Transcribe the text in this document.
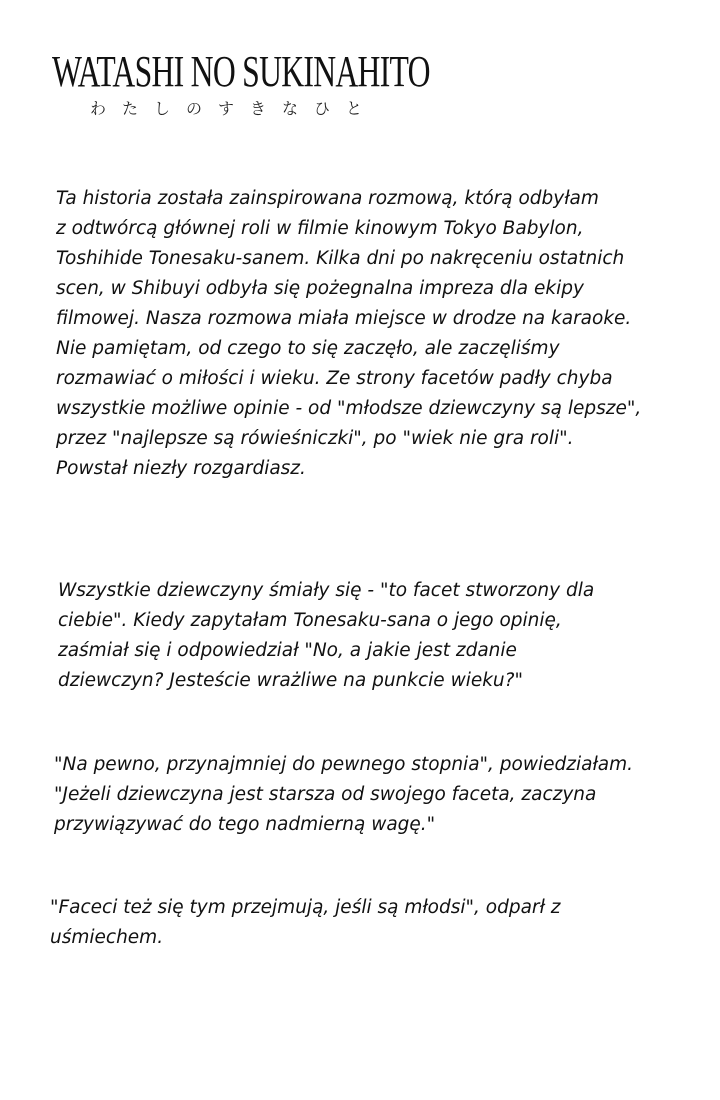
WATASHI NO SUKINAHITO
わたしのすきなひと

Ta historia została zainspirowana rozmową, którą odbyłam
z odtwórcą głównej roli w filmie kinowym Tokyo Babylon,
Toshihide Tonesaku-sanem. Kilka dni po nakręceniu ostatnich
scen, w Shibuyi odbyła się pożegnalna impreza dla ekipy
filmowej. Nasza rozmowa miała miejsce w drodze na karaoke.
Nie pamiętam, od czego to się zaczęło, ale zaczęliśmy
rozmawiać o miłości i wieku. Ze strony facetów padły chyba
wszystkie możliwe opinie - od "młodsze dziewczyny są lepsze",
przez "najlepsze są rówieśniczki", po "wiek nie gra roli".
Powstał niezły rozgardiasz.

Wszystkie dziewczyny śmiały się - "to facet stworzony dla
ciebie". Kiedy zapytałam Tonesaku-sana o jego opinię,
zaśmiał się i odpowiedział "No, a jakie jest zdanie
dziewczyn? Jesteście wrażliwe na punkcie wieku?"

"Na pewno, przynajmniej do pewnego stopnia", powiedziałam.
"Jeżeli dziewczyna jest starsza od swojego faceta, zaczyna
przywiązywać do tego nadmierną wagę."

"Faceci też się tym przejmują, jeśli są młodsi", odparł z
uśmiechem.
